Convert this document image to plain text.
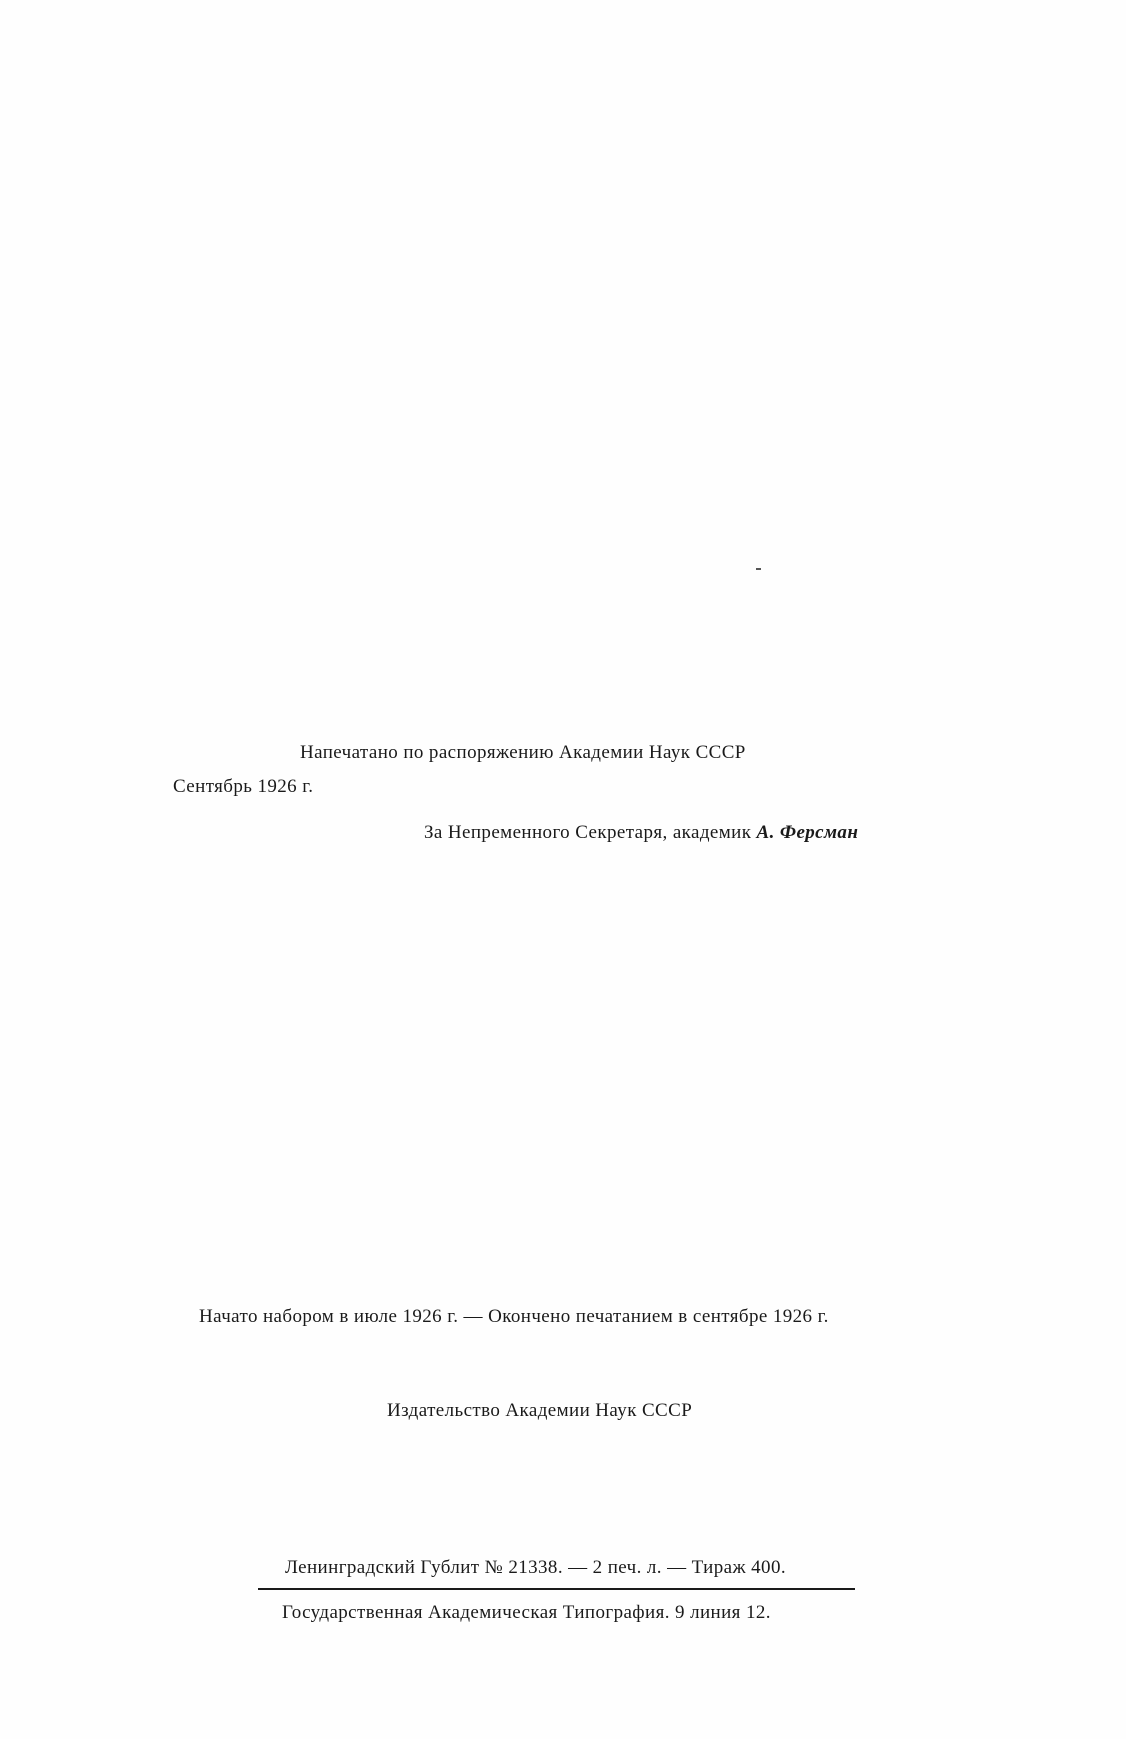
Напечатано по распоряжению Академии Наук СССР
Сентябрь 1926 г.
За Непременного Секретаря, академик А. Ферсман
Начато набором в июле 1926 г. — Окончено печатанием в сентябре 1926 г.
Издательство Академии Наук СССР
Ленинградский Гублит № 21338. — 2 печ. л. — Тираж 400.
Государственная Академическая Типография. 9 линия 12.
